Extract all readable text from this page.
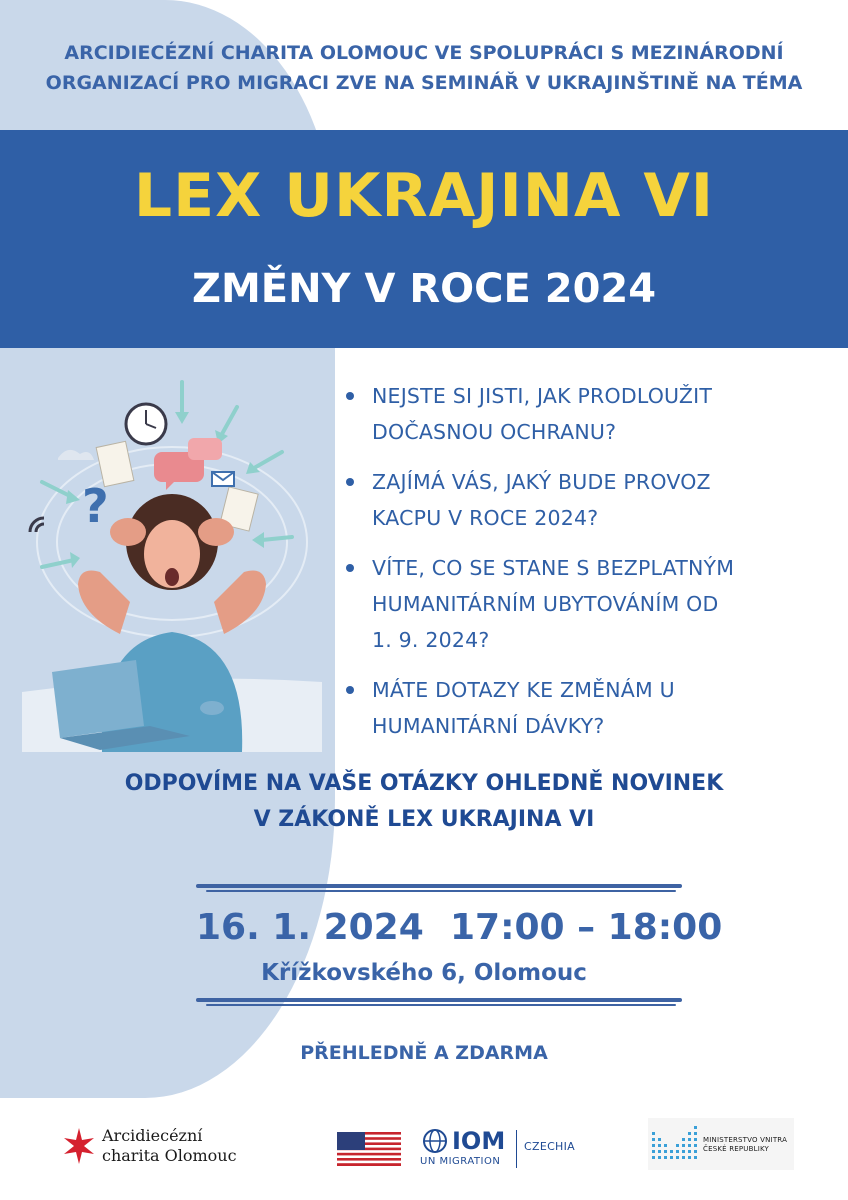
ARCIDIECÉZNÍ CHARITA OLOMOUC VE SPOLUPRÁCI S MEZINÁRODNÍ
ORGANIZACÍ PRO MIGRACI ZVE NA SEMINÁŘ V UKRAJINŠTINĚ NA TÉMA
LEX UKRAJINA VI
ZMĚNY V ROCE 2024
?
NEJSTE SI JISTI, JAK PRODLOUŽIT
DOČASNOU OCHRANU?
ZAJÍMÁ VÁS, JAKÝ BUDE PROVOZ
KACPU V ROCE 2024?
VÍTE, CO SE STANE S BEZPLATNÝM
HUMANITÁRNÍM UBYTOVÁNÍM OD
1. 9. 2024?
MÁTE DOTAZY KE ZMĚNÁM U
HUMANITÁRNÍ DÁVKY?
ODPOVÍME NA VAŠE OTÁZKY OHLEDNĚ NOVINEK
V ZÁKONĚ LEX UKRAJINA VI
16. 1. 2024 17:00 – 18:00
Křížkovského 6, Olomouc
PŘEHLEDNĚ A ZDARMA
Arcidiecézní
charita Olomouc
IOM
UN MIGRATION
CZECHIA	MINISTERSTVO VNITRA
ČESKÉ REPUBLIKY
